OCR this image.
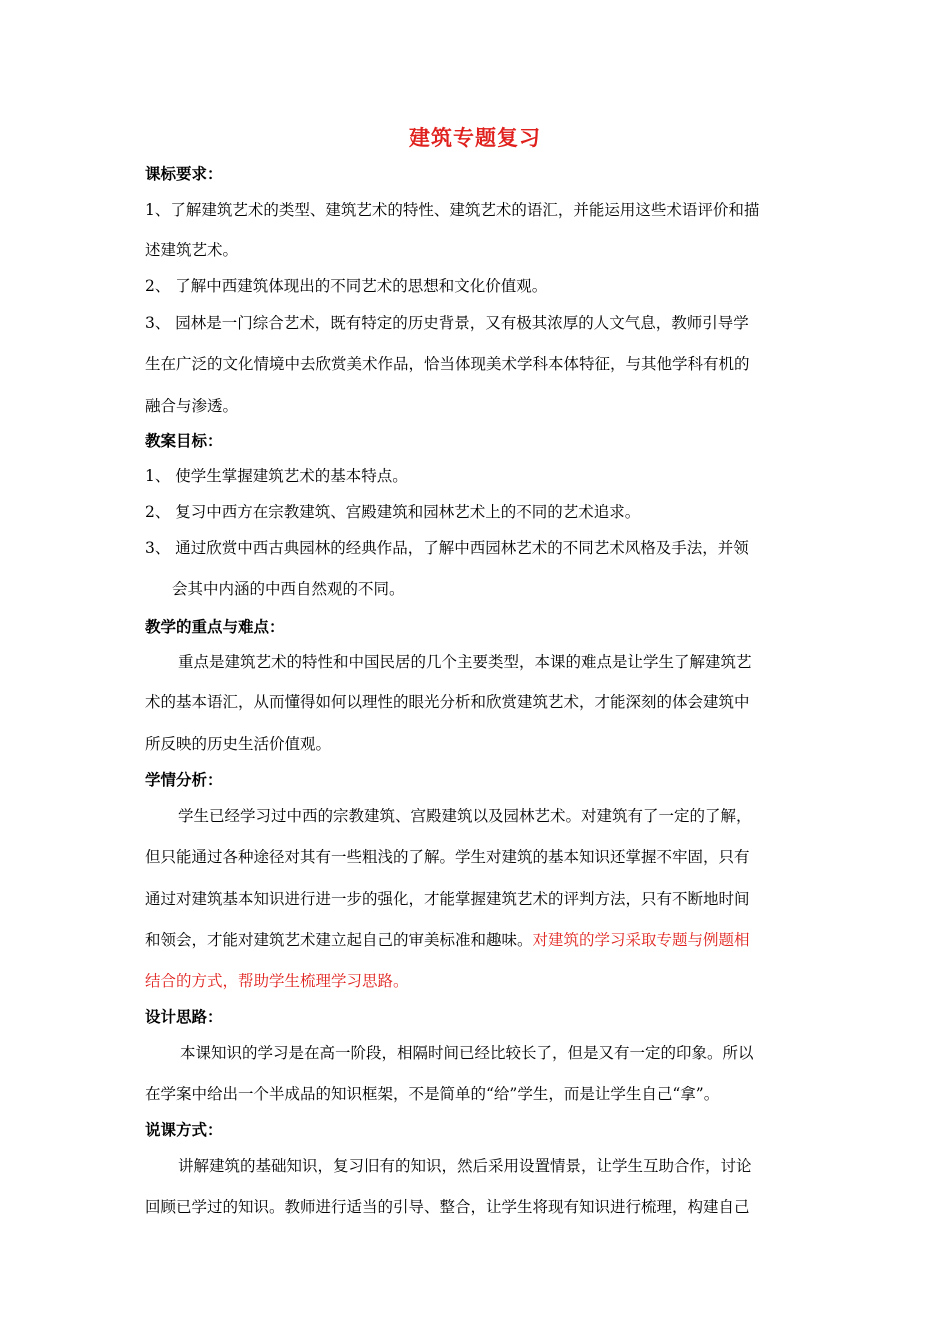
建筑专题复习
课标要求：
1、了解建筑艺术的类型、建筑艺术的特性、建筑艺术的语汇，并能运用这些术语评价和描
述建筑艺术。
2、 了解中西建筑体现出的不同艺术的思想和文化价值观。
3、 园林是一门综合艺术，既有特定的历史背景，又有极其浓厚的人文气息，教师引导学
生在广泛的文化情境中去欣赏美术作品，恰当体现美术学科本体特征，与其他学科有机的
融合与渗透。
教案目标：
1、 使学生掌握建筑艺术的基本特点。
2、 复习中西方在宗教建筑、宫殿建筑和园林艺术上的不同的艺术追求。
3、 通过欣赏中西古典园林的经典作品，了解中西园林艺术的不同艺术风格及手法，并领
会其中内涵的中西自然观的不同。
教学的重点与难点：
重点是建筑艺术的特性和中国民居的几个主要类型，本课的难点是让学生了解建筑艺
术的基本语汇，从而懂得如何以理性的眼光分析和欣赏建筑艺术，才能深刻的体会建筑中
所反映的历史生活价值观。
学情分析：
学生已经学习过中西的宗教建筑、宫殿建筑以及园林艺术。对建筑有了一定的了解，
但只能通过各种途径对其有一些粗浅的了解。学生对建筑的基本知识还掌握不牢固，只有
通过对建筑基本知识进行进一步的强化，才能掌握建筑艺术的评判方法，只有不断地时间
和领会，才能对建筑艺术建立起自己的审美标准和趣味。对建筑的学习采取专题与例题相
结合的方式，帮助学生梳理学习思路。
设计思路：
本课知识的学习是在高一阶段，相隔时间已经比较长了，但是又有一定的印象。所以
在学案中给出一个半成品的知识框架，不是简单的“给”学生，而是让学生自己“拿”。
说课方式：
讲解建筑的基础知识，复习旧有的知识，然后采用设置情景，让学生互助合作，讨论
回顾已学过的知识。教师进行适当的引导、整合，让学生将现有知识进行梳理，构建自己
